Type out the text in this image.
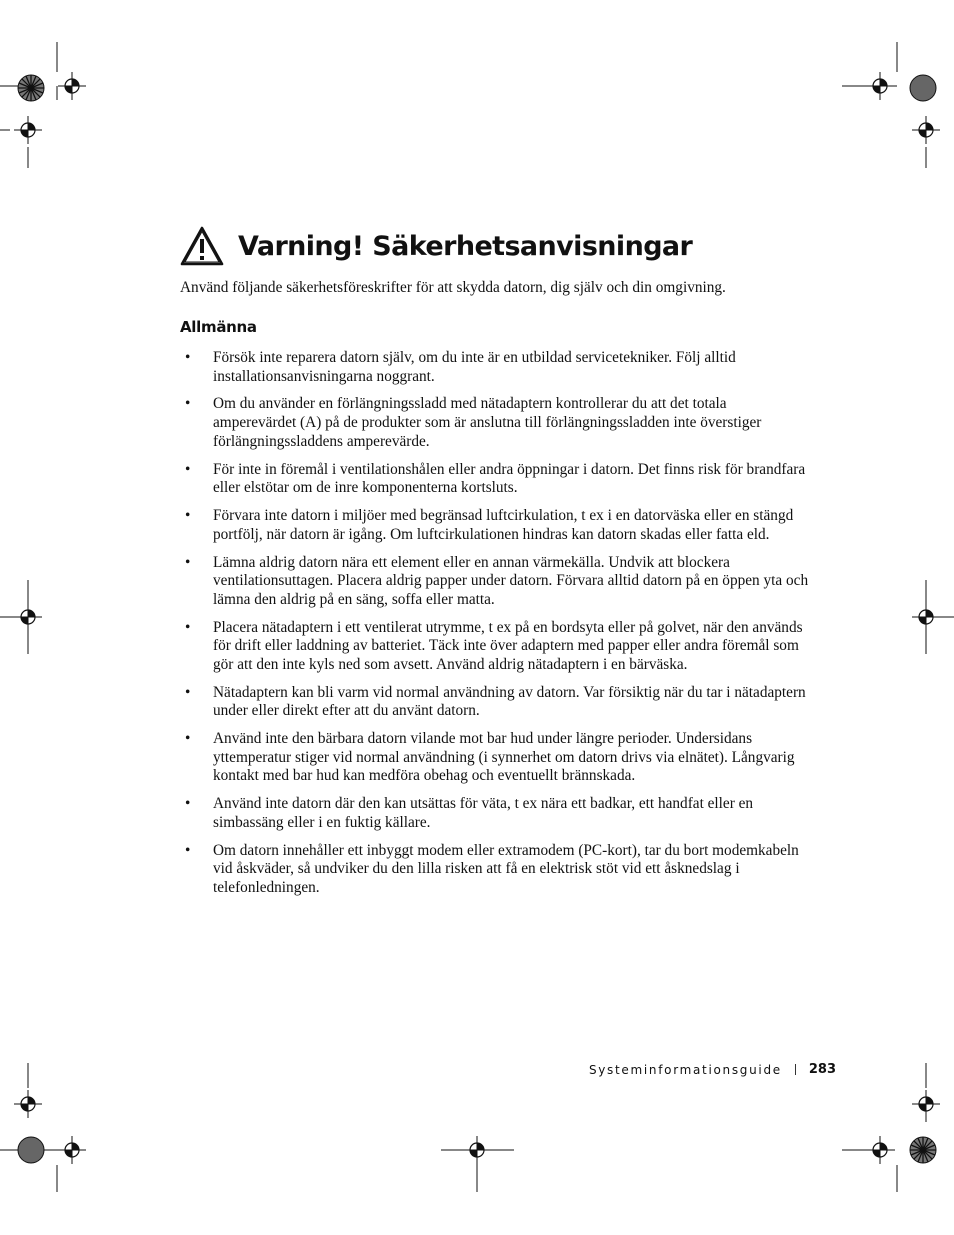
Varning! Säkerhetsanvisningar

Använd följande säkerhetsföreskrifter för att skydda datorn, dig själv och din omgivning.

Allmänna
• Försök inte reparera datorn själv, om du inte är en utbildad servicetekniker. Följ alltid installationsanvisningarna noggrant.
• Om du använder en förlängningssladd med nätadaptern kontrollerar du att det totala amperevärdet (A) på de produkter som är anslutna till förlängningssladden inte överstiger förlängningssladdens amperevärde.
• För inte in föremål i ventilationshålen eller andra öppningar i datorn. Det finns risk för brandfara eller elstötar om de inre komponenterna kortsluts.
• Förvara inte datorn i miljöer med begränsad luftcirkulation, t ex i en datorväska eller en stängd portfölj, när datorn är igång. Om luftcirkulationen hindras kan datorn skadas eller fatta eld.
• Lämna aldrig datorn nära ett element eller en annan värmekälla. Undvik att blockera ventilationsuttagen. Placera aldrig papper under datorn. Förvara alltid datorn på en öppen yta och lämna den aldrig på en säng, soffa eller matta.
• Placera nätadaptern i ett ventilerat utrymme, t ex på en bordsyta eller på golvet, när den används för drift eller laddning av batteriet. Täck inte över adaptern med papper eller andra föremål som gör att den inte kyls ned som avsett. Använd aldrig nätadaptern i en bärväska.
• Nätadaptern kan bli varm vid normal användning av datorn. Var försiktig när du tar i nätadaptern under eller direkt efter att du använt datorn.
• Använd inte den bärbara datorn vilande mot bar hud under längre perioder. Undersidans yttemperatur stiger vid normal användning (i synnerhet om datorn drivs via elnätet). Långvarig kontakt med bar hud kan medföra obehag och eventuellt brännskada.
• Använd inte datorn där den kan utsättas för väta, t ex nära ett badkar, ett handfat eller en simbassäng eller i en fuktig källare.
• Om datorn innehåller ett inbyggt modem eller extramodem (PC-kort), tar du bort modemkabeln vid åskväder, så undviker du den lilla risken att få en elektrisk stöt vid ett åsknedslag i telefonledningen.
Systeminformationsguide 283
